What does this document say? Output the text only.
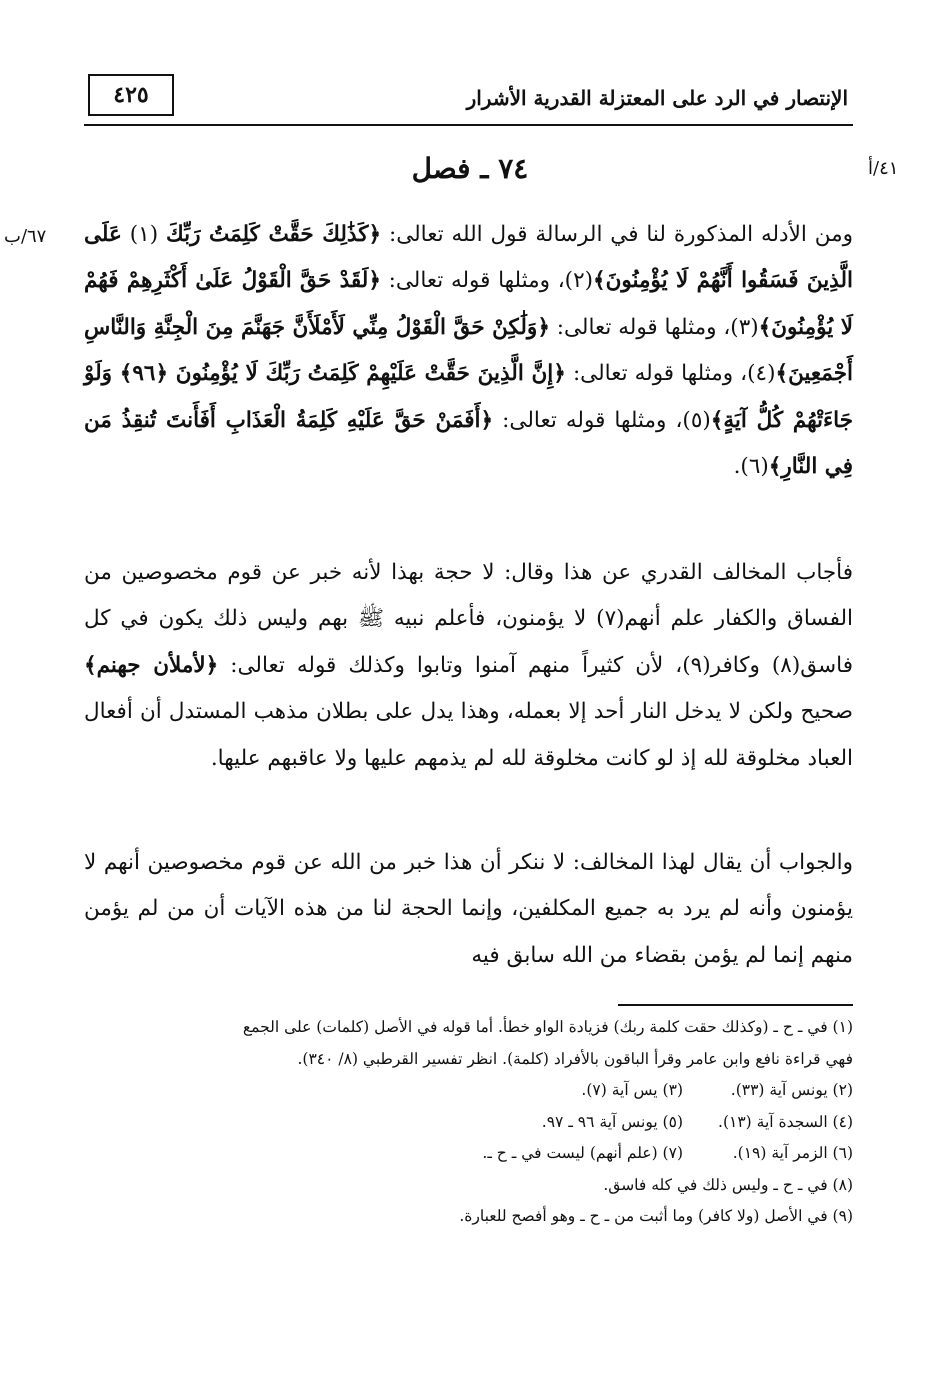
الإنتصار في الرد على المعتزلة القدرية الأشرار
٤٢٥
٤١/أ
٦٧/ب
٧٤ ـ فصل
ومن الأدله المذكورة لنا في الرسالة قول الله تعالى: ﴿كَذَٰلِكَ حَقَّتْ كَلِمَتُ رَبِّكَ (١) عَلَى الَّذِينَ فَسَقُوا أَنَّهُمْ لَا يُؤْمِنُونَ﴾(٢)، ومثلها قوله تعالى: ﴿لَقَدْ حَقَّ الْقَوْلُ عَلَىٰ أَكْثَرِهِمْ فَهُمْ لَا يُؤْمِنُونَ﴾(٣)، ومثلها قوله تعالى: ﴿وَلَٰكِنْ حَقَّ الْقَوْلُ مِنِّي لَأَمْلَأَنَّ جَهَنَّمَ مِنَ الْجِنَّةِ وَالنَّاسِ أَجْمَعِينَ﴾(٤)، ومثلها قوله تعالى: ﴿إِنَّ الَّذِينَ حَقَّتْ عَلَيْهِمْ كَلِمَتُ رَبِّكَ لَا يُؤْمِنُونَ ﴿٩٦﴾ وَلَوْ جَاءَتْهُمْ كُلُّ آيَةٍ﴾(٥)، ومثلها قوله تعالى: ﴿أَفَمَنْ حَقَّ عَلَيْهِ كَلِمَةُ الْعَذَابِ أَفَأَنتَ تُنقِذُ مَن فِي النَّارِ﴾(٦).
فأجاب المخالف القدري عن هذا وقال: لا حجة بهذا لأنه خبر عن قوم مخصوصين من الفساق والكفار علم أنهم(٧) لا يؤمنون، فأعلم نبيه ﷺ بهم وليس ذلك يكون في كل فاسق(٨) وكافر(٩)، لأن كثيراً منهم آمنوا وتابوا وكذلك قوله تعالى: ﴿لأملأن جهنم﴾ صحيح ولكن لا يدخل النار أحد إلا بعمله، وهذا يدل على بطلان مذهب المستدل أن أفعال العباد مخلوقة لله إذ لو كانت مخلوقة لله لم يذمهم عليها ولا عاقبهم عليها.
والجواب أن يقال لهذا المخالف: لا ننكر أن هذا خبر من الله عن قوم مخصوصين أنهم لا يؤمنون وأنه لم يرد به جميع المكلفين، وإنما الحجة لنا من هذه الآيات أن من لم يؤمن منهم إنما لم يؤمن بقضاء من الله سابق فيه
(١) في ـ ح ـ (وكذلك حقت كلمة ربك) فزيادة الواو خطأ. أما قوله في الأصل (كلمات) على الجمع
فهي قراءة نافع وابن عامر وقرأ الباقون بالأفراد (كلمة). انظر تفسير القرطبي (٨/ ٣٤٠).
(٢) يونس آية (٣٣).
(٣) يس آية (٧).
(٤) السجدة آية (١٣).
(٥) يونس آية ٩٦ ـ ٩٧.
(٦) الزمر آية (١٩).
(٧) (علم أنهم) ليست في ـ ح ـ.
(٨) في ـ ح ـ وليس ذلك في كله فاسق.
(٩) في الأصل (ولا كافر) وما أثبت من ـ ح ـ وهو أفصح للعبارة.
